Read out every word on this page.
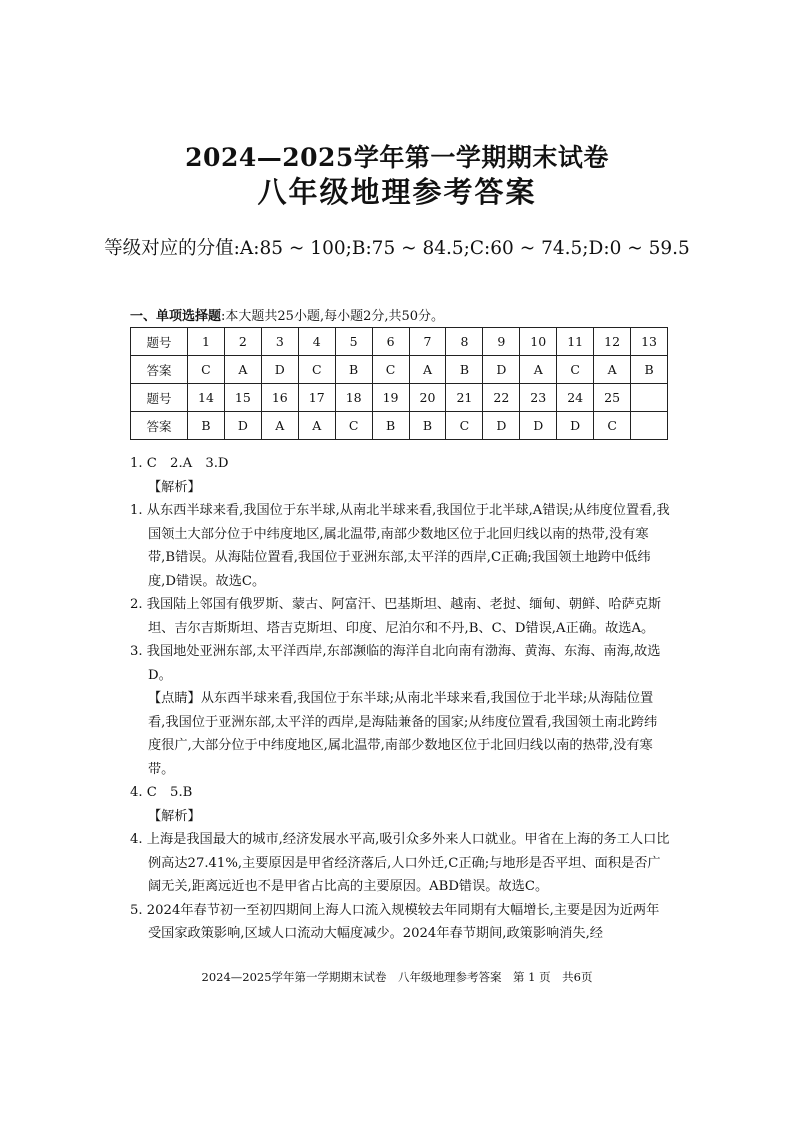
2024—2025学年第一学期期末试卷
八年级地理参考答案
等级对应的分值:A:85 ~ 100;B:75 ~ 84.5;C:60 ~ 74.5;D:0 ~ 59.5
一、单项选择题:本大题共25小题,每小题2分,共50分。
题号	1	2	3	4	5	6	7	8	9	10	11	12	13
答案	C	A	D	C	B	C	A	B	D	A	C	A	B
题号	14	15	16	17	18	19	20	21	22	23	24	25	
答案	B	D	A	A	C	B	B	C	D	D	D	C	

1. C　2.A　3.D

【解析】

1. 从东西半球来看,我国位于东半球,从南北半球来看,我国位于北半球,A错误;从纬度位置看,我国领土大部分位于中纬度地区,属北温带,南部少数地区位于北回归线以南的热带,没有寒带,B错误。从海陆位置看,我国位于亚洲东部,太平洋的西岸,C正确;我国领土地跨中低纬度,D错误。故选C。

2. 我国陆上邻国有俄罗斯、蒙古、阿富汗、巴基斯坦、越南、老挝、缅甸、朝鲜、哈萨克斯坦、吉尔吉斯斯坦、塔吉克斯坦、印度、尼泊尔和不丹,B、C、D错误,A正确。故选A。

3. 我国地处亚洲东部,太平洋西岸,东部濒临的海洋自北向南有渤海、黄海、东海、南海,故选D。

【点睛】从东西半球来看,我国位于东半球;从南北半球来看,我国位于北半球;从海陆位置看,我国位于亚洲东部,太平洋的西岸,是海陆兼备的国家;从纬度位置看,我国领土南北跨纬度很广,大部分位于中纬度地区,属北温带,南部少数地区位于北回归线以南的热带,没有寒带。

4. C　5.B

【解析】

4. 上海是我国最大的城市,经济发展水平高,吸引众多外来人口就业。甲省在上海的务工人口比例高达27.41%,主要原因是甲省经济落后,人口外迁,C正确;与地形是否平坦、面积是否广阔无关,距离远近也不是甲省占比高的主要原因。ABD错误。故选C。

5. 2024年春节初一至初四期间上海人口流入规模较去年同期有大幅增长,主要是因为近两年受国家政策影响,区域人口流动大幅度减少。2024年春节期间,政策影响消失,经

2024—2025学年第一学期期末试卷　八年级地理参考答案　第 1 页　共6页
